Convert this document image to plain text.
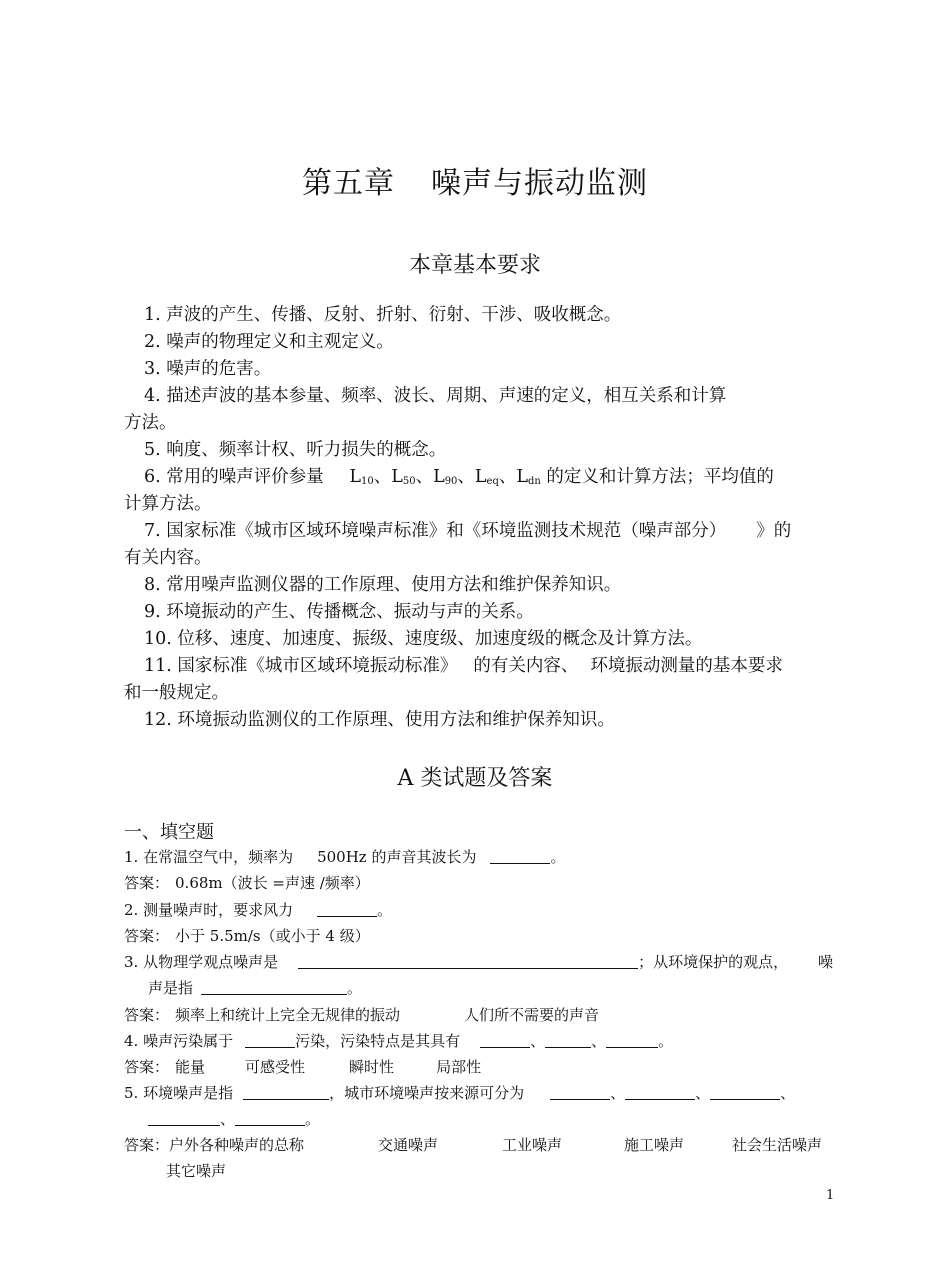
第五章 噪声与振动监测
本章基本要求
1. 声波的产生、传播、反射、折射、衍射、干涉、吸收概念。
2. 噪声的物理定义和主观定义。
3. 噪声的危害。
4. 描述声波的基本参量、频率、波长、周期、声速的定义，相互关系和计算
方法。
5. 响度、频率计权、听力损失的概念。
6. 常用的噪声评价参量 $L_{10}$、$L_{50}$、$L_{90}$、$L_{eq}$、$L_{dn}$ 的定义和计算方法；平均值的
计算方法。
7. 国家标准《城市区域环境噪声标准》和《环境监测技术规范（噪声部分） 》的
有关内容。
8. 常用噪声监测仪器的工作原理、使用方法和维护保养知识。
9. 环境振动的产生、传播概念、振动与声的关系。
10. 位移、速度、加速度、振级、速度级、加速度级的概念及计算方法。
11. 国家标准《城市区域环境振动标准》 的有关内容、 环境振动测量的基本要求
和一般规定。
12. 环境振动监测仪的工作原理、使用方法和维护保养知识。
A 类试题及答案
一、填空题
1. 在常温空气中，频率为 500Hz 的声音其波长为	。
答案： 0.68m（波长 =声速 /频率）
2. 测量噪声时，要求风力	。
答案： 小于 5.5m/s（或小于 4 级）
3. 从物理学观点噪声是	；从环境保护的观点， 噪
声是指	。
答案： 频率上和统计上完全无规律的振动	人们所不需要的声音
4. 噪声污染属于	污染，污染特点是其具有	、	、	。
答案： 能量	可感受性	瞬时性	局部性
5. 环境噪声是指	，城市环境噪声按来源可分为	、	、	、
、	。
答案：户外各种噪声的总称	交通噪声	工业噪声	施工噪声	社会生活噪声
其它噪声
1
